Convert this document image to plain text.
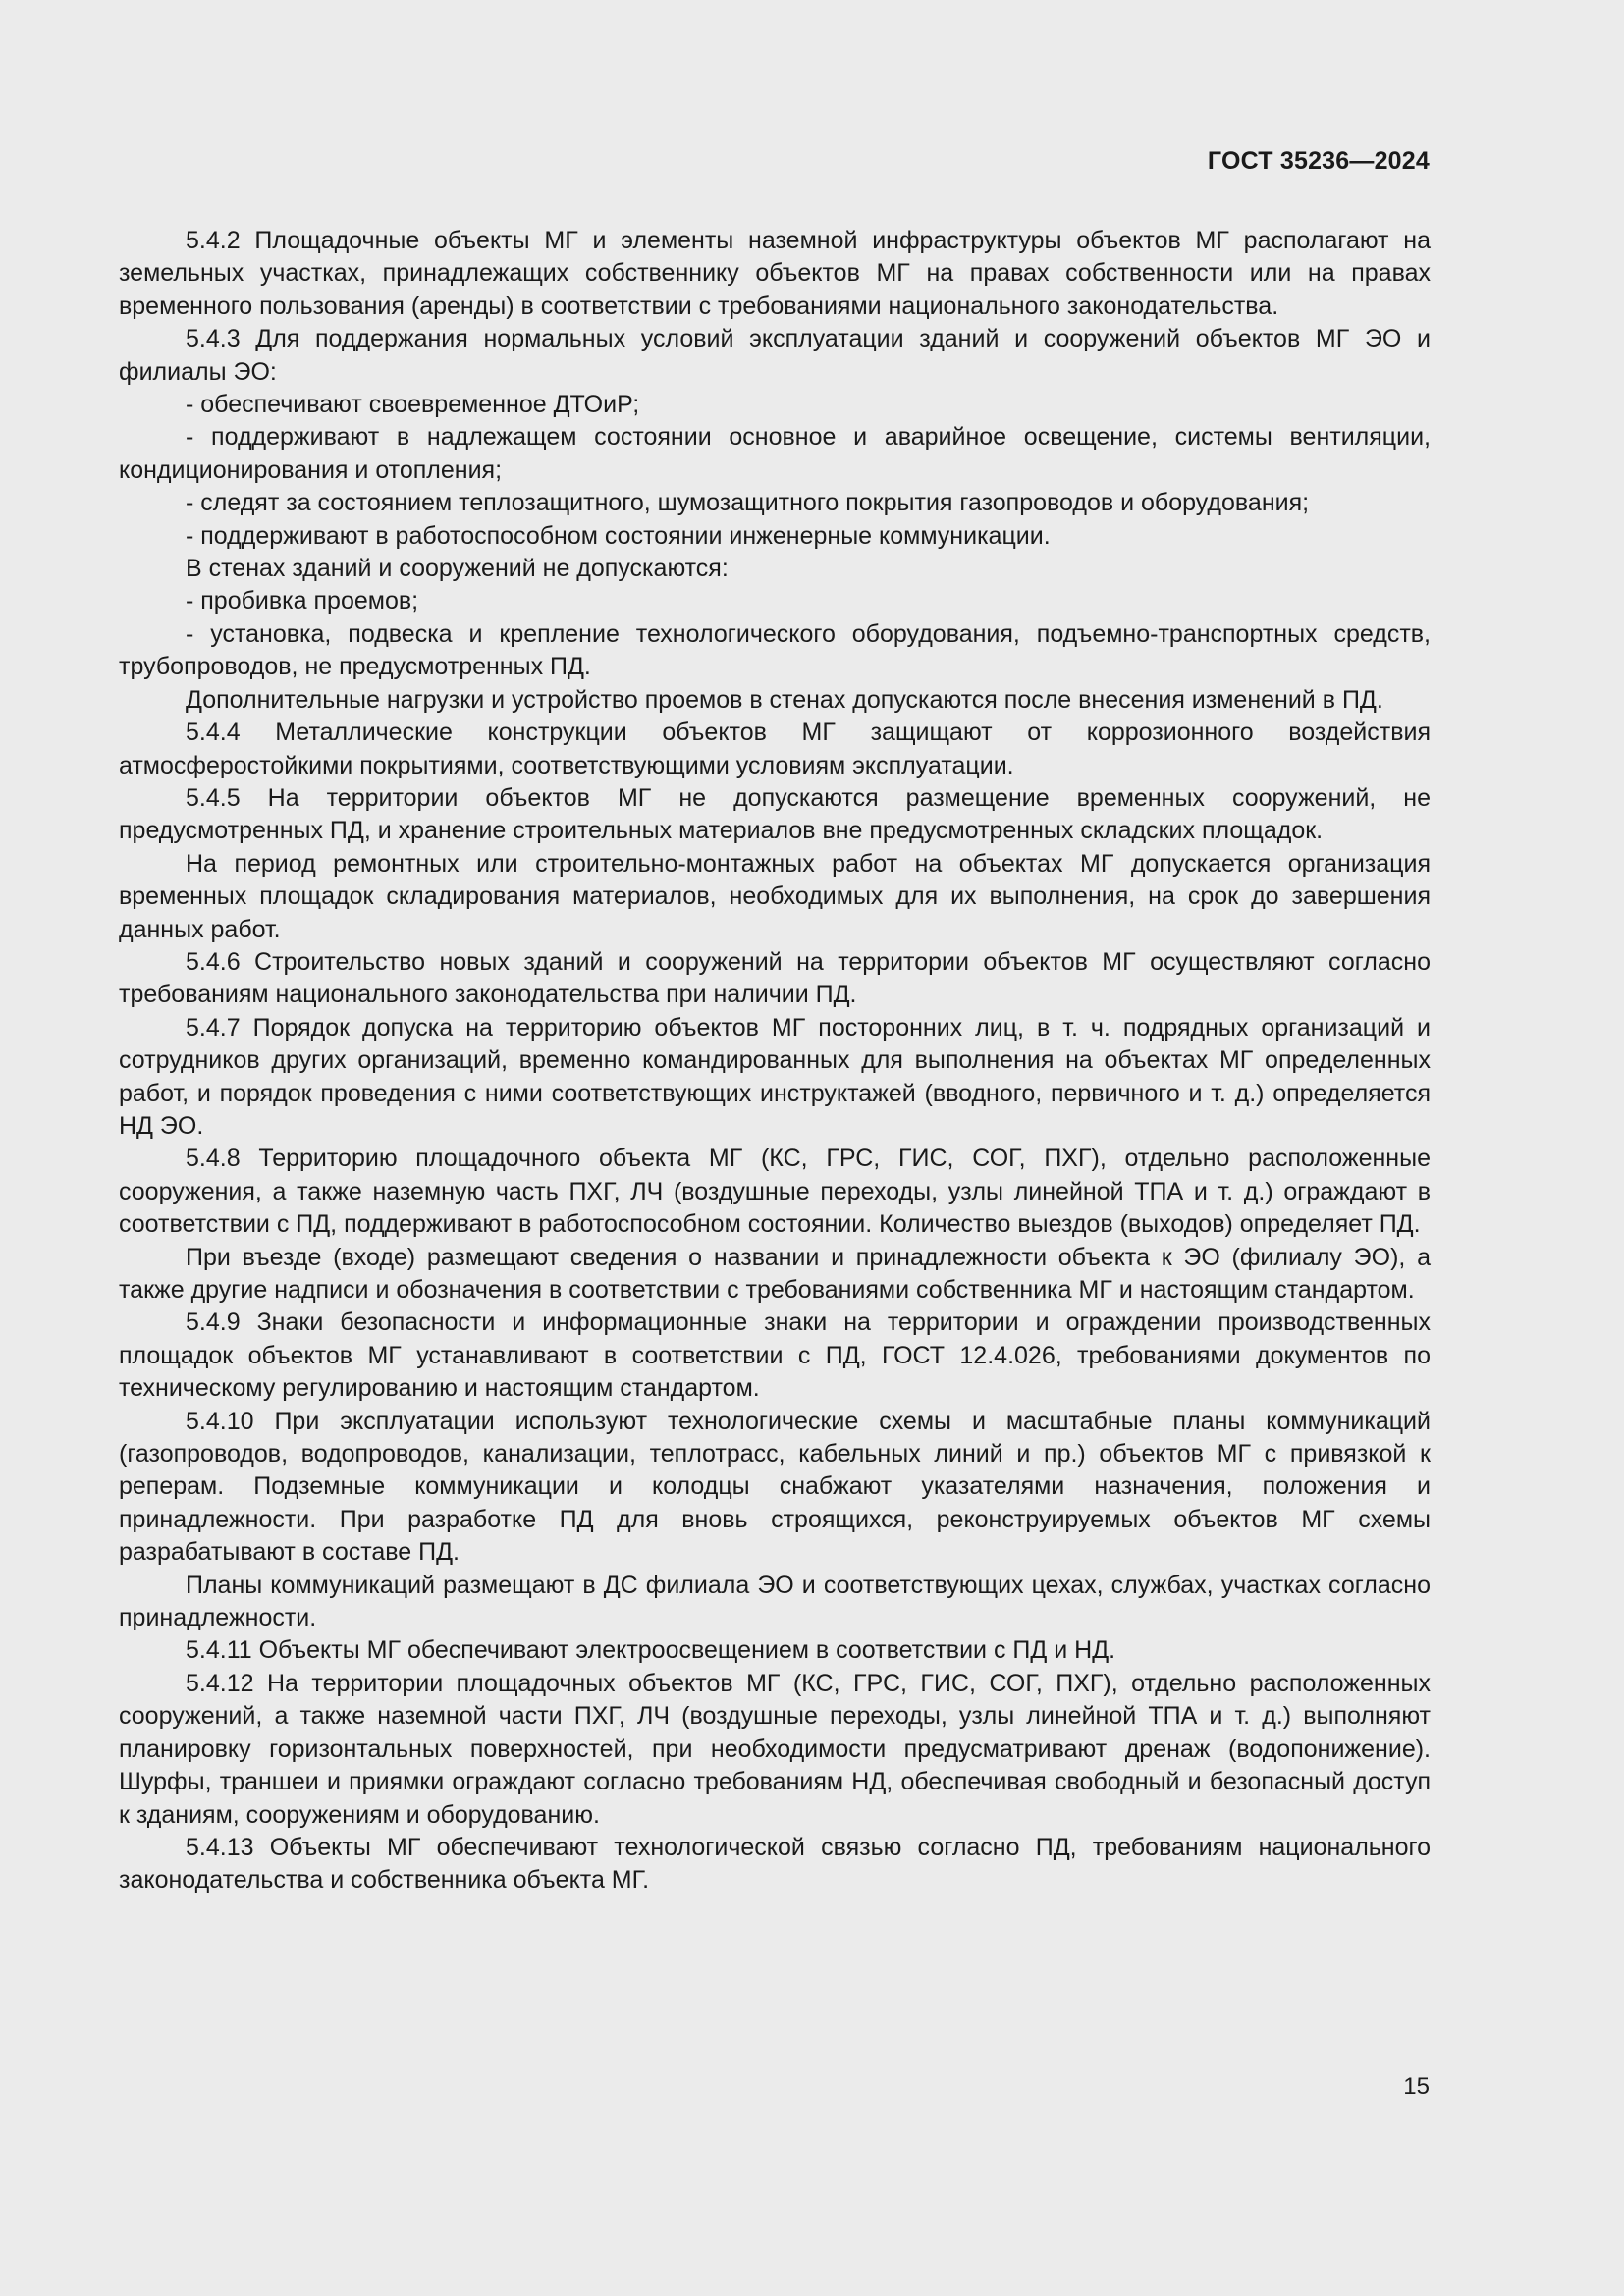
ГОСТ 35236—2024

5.4.2 Площадочные объекты МГ и элементы наземной инфраструктуры объектов МГ располагают на земельных участках, принадлежащих собственнику объектов МГ на правах собственности или на правах временного пользования (аренды) в соответствии с требованиями национального законодательства.

5.4.3 Для поддержания нормальных условий эксплуатации зданий и сооружений объектов МГ ЭО и филиалы ЭО:

- обеспечивают своевременное ДТОиР;

- поддерживают в надлежащем состоянии основное и аварийное освещение, системы вентиляции, кондиционирования и отопления;

- следят за состоянием теплозащитного, шумозащитного покрытия газопроводов и оборудования;

- поддерживают в работоспособном состоянии инженерные коммуникации.

В стенах зданий и сооружений не допускаются:

- пробивка проемов;

- установка, подвеска и крепление технологического оборудования, подъемно-транспортных средств, трубопроводов, не предусмотренных ПД.

Дополнительные нагрузки и устройство проемов в стенах допускаются после внесения изменений в ПД.

5.4.4 Металлические конструкции объектов МГ защищают от коррозионного воздействия атмосферостойкими покрытиями, соответствующими условиям эксплуатации.

5.4.5 На территории объектов МГ не допускаются размещение временных сооружений, не предусмотренных ПД, и хранение строительных материалов вне предусмотренных складских площадок.

На период ремонтных или строительно-монтажных работ на объектах МГ допускается организация временных площадок складирования материалов, необходимых для их выполнения, на срок до завершения данных работ.

5.4.6 Строительство новых зданий и сооружений на территории объектов МГ осуществляют согласно требованиям национального законодательства при наличии ПД.

5.4.7 Порядок допуска на территорию объектов МГ посторонних лиц, в т. ч. подрядных организаций и сотрудников других организаций, временно командированных для выполнения на объектах МГ определенных работ, и порядок проведения с ними соответствующих инструктажей (вводного, первичного и т. д.) определяется НД ЭО.

5.4.8 Территорию площадочного объекта МГ (КС, ГРС, ГИС, СОГ, ПХГ), отдельно расположенные сооружения, а также наземную часть ПХГ, ЛЧ (воздушные переходы, узлы линейной ТПА и т. д.) ограждают в соответствии с ПД, поддерживают в работоспособном состоянии. Количество выездов (выходов) определяет ПД.

При въезде (входе) размещают сведения о названии и принадлежности объекта к ЭО (филиалу ЭО), а также другие надписи и обозначения в соответствии с требованиями собственника МГ и настоящим стандартом.

5.4.9 Знаки безопасности и информационные знаки на территории и ограждении производственных площадок объектов МГ устанавливают в соответствии с ПД, ГОСТ 12.4.026, требованиями документов по техническому регулированию и настоящим стандартом.

5.4.10 При эксплуатации используют технологические схемы и масштабные планы коммуникаций (газопроводов, водопроводов, канализации, теплотрасс, кабельных линий и пр.) объектов МГ с привязкой к реперам. Подземные коммуникации и колодцы снабжают указателями назначения, положения и принадлежности. При разработке ПД для вновь строящихся, реконструируемых объектов МГ схемы разрабатывают в составе ПД.

Планы коммуникаций размещают в ДС филиала ЭО и соответствующих цехах, службах, участках согласно принадлежности.

5.4.11 Объекты МГ обеспечивают электроосвещением в соответствии с ПД и НД.

5.4.12 На территории площадочных объектов МГ (КС, ГРС, ГИС, СОГ, ПХГ), отдельно расположенных сооружений, а также наземной части ПХГ, ЛЧ (воздушные переходы, узлы линейной ТПА и т. д.) выполняют планировку горизонтальных поверхностей, при необходимости предусматривают дренаж (водопонижение). Шурфы, траншеи и приямки ограждают согласно требованиям НД, обеспечивая свободный и безопасный доступ к зданиям, сооружениям и оборудованию.

5.4.13 Объекты МГ обеспечивают технологической связью согласно ПД, требованиям национального законодательства и собственника объекта МГ.

15
